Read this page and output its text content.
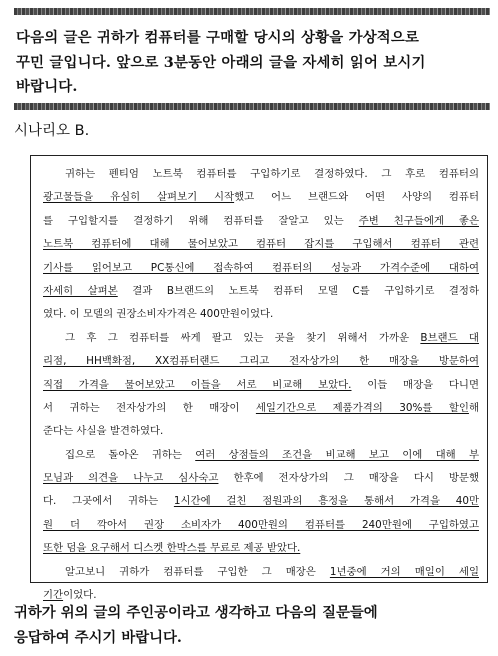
다음의 글은 귀하가 컴퓨터를 구매할 당시의 상황을 가상적으로
꾸민 글입니다. 앞으로 3분동안 아래의 글을 자세히 읽어 보시기
바랍니다.
시나리오 B.
귀하는 펜티엄 노트북 컴퓨터를 구입하기로 결정하였다. 그 후로 컴퓨터의
광고물들을 유심히 살펴보기 시작했고 어느 브랜드와 어떤 사양의 컴퓨터
를 구입할지를 결정하기 위해 컴퓨터를 잘알고 있는 주변 친구들에게 좋은
노트북 컴퓨터에 대해 물어보았고 컴퓨터 잡지를 구입해서 컴퓨터 관련
기사를 읽어보고 PC통신에 접속하여 컴퓨터의 성능과 가격수준에 대하여
자세히 살펴본 결과 B브랜드의 노트북 컴퓨터 모델 C를 구입하기로 결정하
였다. 이 모델의 권장소비자가격은 400만원이었다.
그 후 그 컴퓨터를 싸게 팔고 있는 곳을 찾기 위해서 가까운 B브랜드 대
리점, HH백화점, XX컴퓨터랜드 그리고 전자상가의 한 매장을 방문하여
직접 가격을 물어보았고 이들을 서로 비교해 보았다. 이들 매장을 다니면
서 귀하는 전자상가의 한 매장이 세일기간으로 제품가격의 30%를 할인해
준다는 사실을 발견하였다.
집으로 돌아온 귀하는 여러 상점들의 조건을 비교해 보고 이에 대해 부
모님과 의견을 나누고 심사숙고 한후에 전자상가의 그 매장을 다시 방문했
다. 그곳에서 귀하는 1시간에 걸친 점원과의 흥정을 통해서 가격을 40만
원 더 깍아서 권장 소비자가 400만원의 컴퓨터를 240만원에 구입하였고
또한 덤을 요구해서 디스켓 한박스를 무료로 제공 받았다.
알고보니 귀하가 컴퓨터를 구입한 그 매장은 1년중에 거의 매일이 세일
기간이었다.
귀하가 위의 글의 주인공이라고 생각하고 다음의 질문들에
응답하여 주시기 바랍니다.
